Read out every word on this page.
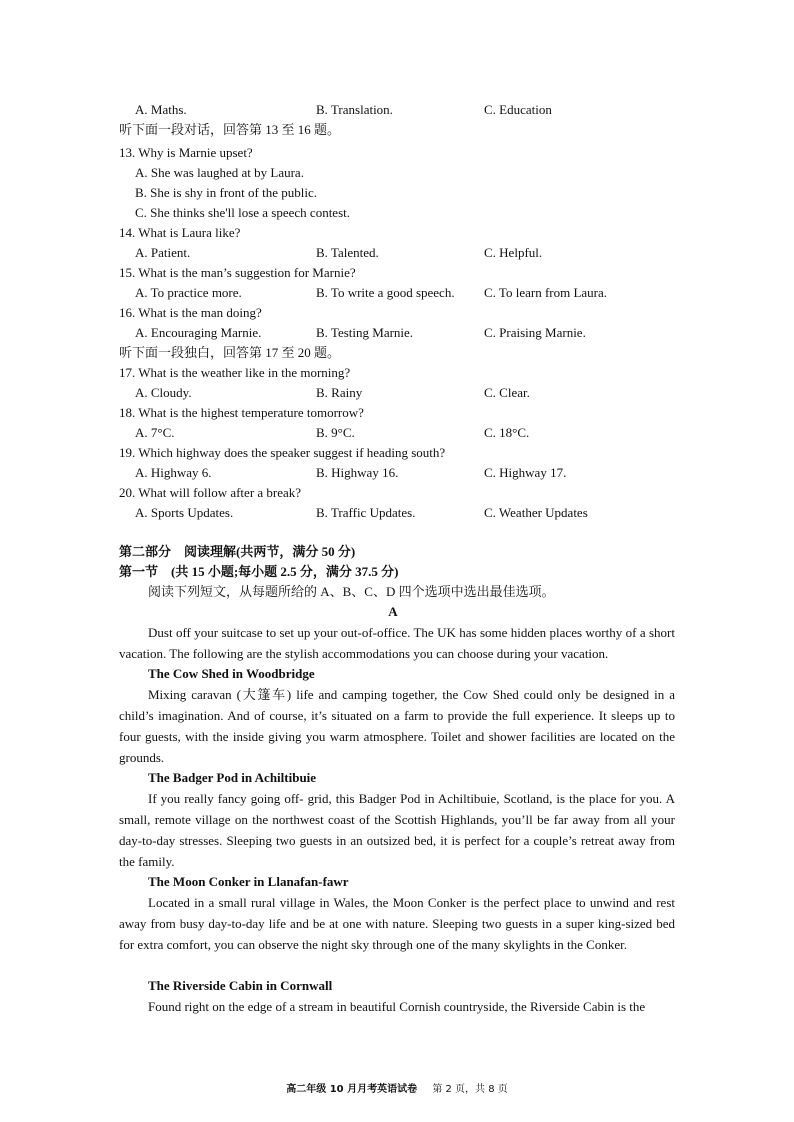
A. Maths.	B. Translation.	C. Education
听下面一段对话，回答第 13 至 16 题。
13. Why is Marnie upset?
A. She was laughed at by Laura.
B. She is shy in front of the public.
C. She thinks she'll lose a speech contest.
14. What is Laura like?
A. Patient.	B. Talented.	C. Helpful.
15. What is the man’s suggestion for Marnie?
A. To practice more.	B. To write a good speech. C. To learn from Laura.
16. What is the man doing?
A. Encouraging Marnie.	B. Testing Marnie.	C. Praising Marnie.
听下面一段独白，回答第 17 至 20 题。
17. What is the weather like in the morning?
A. Cloudy.	B. Rainy	C. Clear.
18. What is the highest temperature tomorrow?
A. 7°C.	B. 9°C.	C. 18°C.
19. Which highway does the speaker suggest if heading south?
A. Highway 6.	B. Highway 16.	C. Highway 17.
20. What will follow after a break?
A. Sports Updates.	B. Traffic Updates.	C. Weather Updates
第二部分　阅读理解(共两节，满分 50 分)
第一节　(共 15 小题;每小题 2.5 分，满分 37.5 分)
阅读下列短文，从每题所给的 A、B、C、D 四个选项中选出最佳选项。
A
Dust off your suitcase to set up your out-of-office. The UK has some hidden places worthy of a short vacation. The following are the stylish accommodations you can choose during your vacation.
The Cow Shed in Woodbridge
Mixing caravan (大篷车) life and camping together, the Cow Shed could only be designed in a child’s imagination. And of course, it’s situated on a farm to provide the full experience. It sleeps up to four guests, with the inside giving you warm atmosphere. Toilet and shower facilities are located on the grounds.
The Badger Pod in Achiltibuie
If you really fancy going off- grid, this Badger Pod in Achiltibuie, Scotland, is the place for you. A small, remote village on the northwest coast of the Scottish Highlands, you’ll be far away from all your day-to-day stresses. Sleeping two guests in an outsized bed, it is perfect for a couple’s retreat away from the family.
The Moon Conker in Llanafan-fawr
Located in a small rural village in Wales, the Moon Conker is the perfect place to unwind and rest away from busy day-to-day life and be at one with nature. Sleeping two guests in a super king-sized bed for extra comfort, you can observe the night sky through one of the many skylights in the Conker.
The Riverside Cabin in Cornwall
Found right on the edge of a stream in beautiful Cornish countryside, the Riverside Cabin is the
高二年级 10 月月考英语试卷 第 2 页，共 8 页
